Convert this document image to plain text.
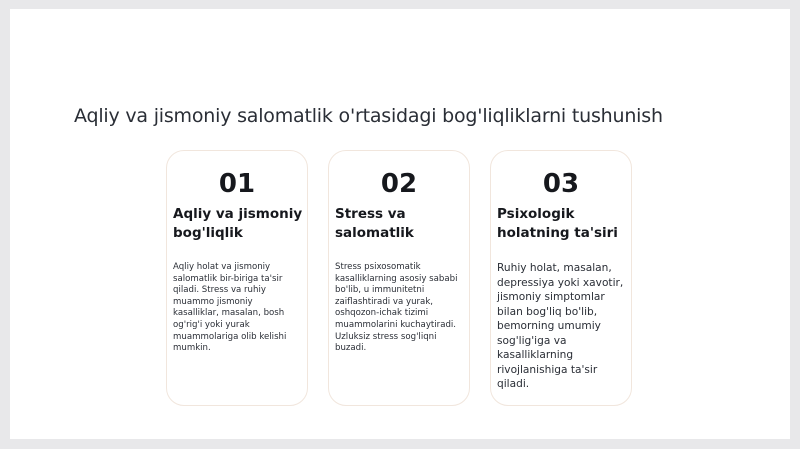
Aqliy va jismoniy salomatlik o'rtasidagi bog'liqliklarni tushunish
01
Aqliy va jismoniy bog'liqlik

Aqliy holat va jismoniy salomatlik bir-biriga ta'sir qiladi. Stress va ruhiy muammo jismoniy kasalliklar, masalan, bosh og'rig'i yoki yurak muammolariga olib kelishi mumkin.

02
Stress va salomatlik

Stress psixosomatik kasalliklarning asosiy sababi bo'lib, u immunitetni zaiflashtiradi va yurak, oshqozon-ichak tizimi muammolarini kuchaytiradi. Uzluksiz stress sog'liqni buzadi.

03
Psixologik holatning ta'siri

Ruhiy holat, masalan, depressiya yoki xavotir, jismoniy simptomlar bilan bog'liq bo'lib, bemorning umumiy sog'lig'iga va kasalliklarning rivojlanishiga ta'sir qiladi.
